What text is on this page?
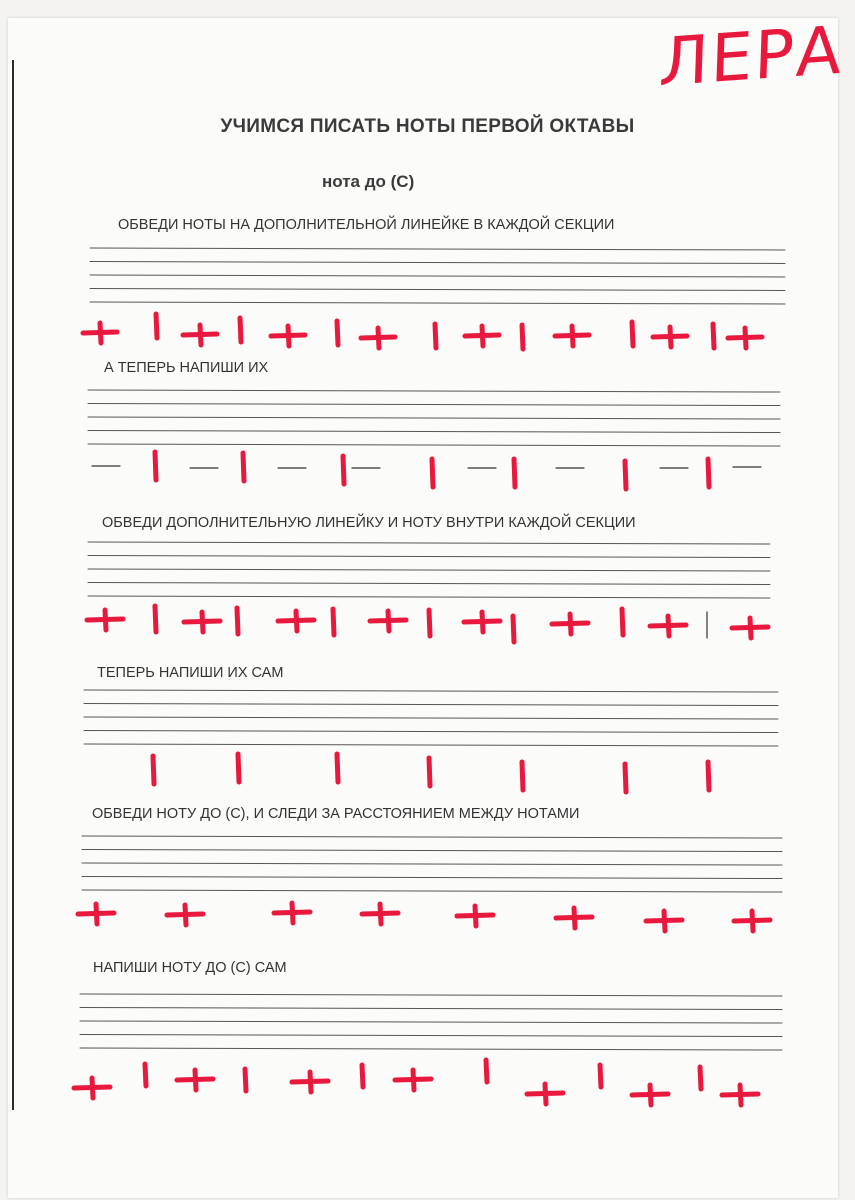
ЛЕРА
УЧИМСЯ ПИСАТЬ НОТЫ ПЕРВОЙ ОКТАВЫ
нота до (C)
ОБВЕДИ НОТЫ НА ДОПОЛНИТЕЛЬНОЙ ЛИНЕЙКЕ В КАЖДОЙ СЕКЦИИ
А ТЕПЕРЬ НАПИШИ ИХ
ОБВЕДИ ДОПОЛНИТЕЛЬНУЮ ЛИНЕЙКУ И НОТУ ВНУТРИ КАЖДОЙ СЕКЦИИ
ТЕПЕРЬ НАПИШИ ИХ САМ
ОБВЕДИ НОТУ ДО (C), И СЛЕДИ ЗА РАССТОЯНИЕМ МЕЖДУ НОТАМИ
НАПИШИ НОТУ ДО (C) САМ
